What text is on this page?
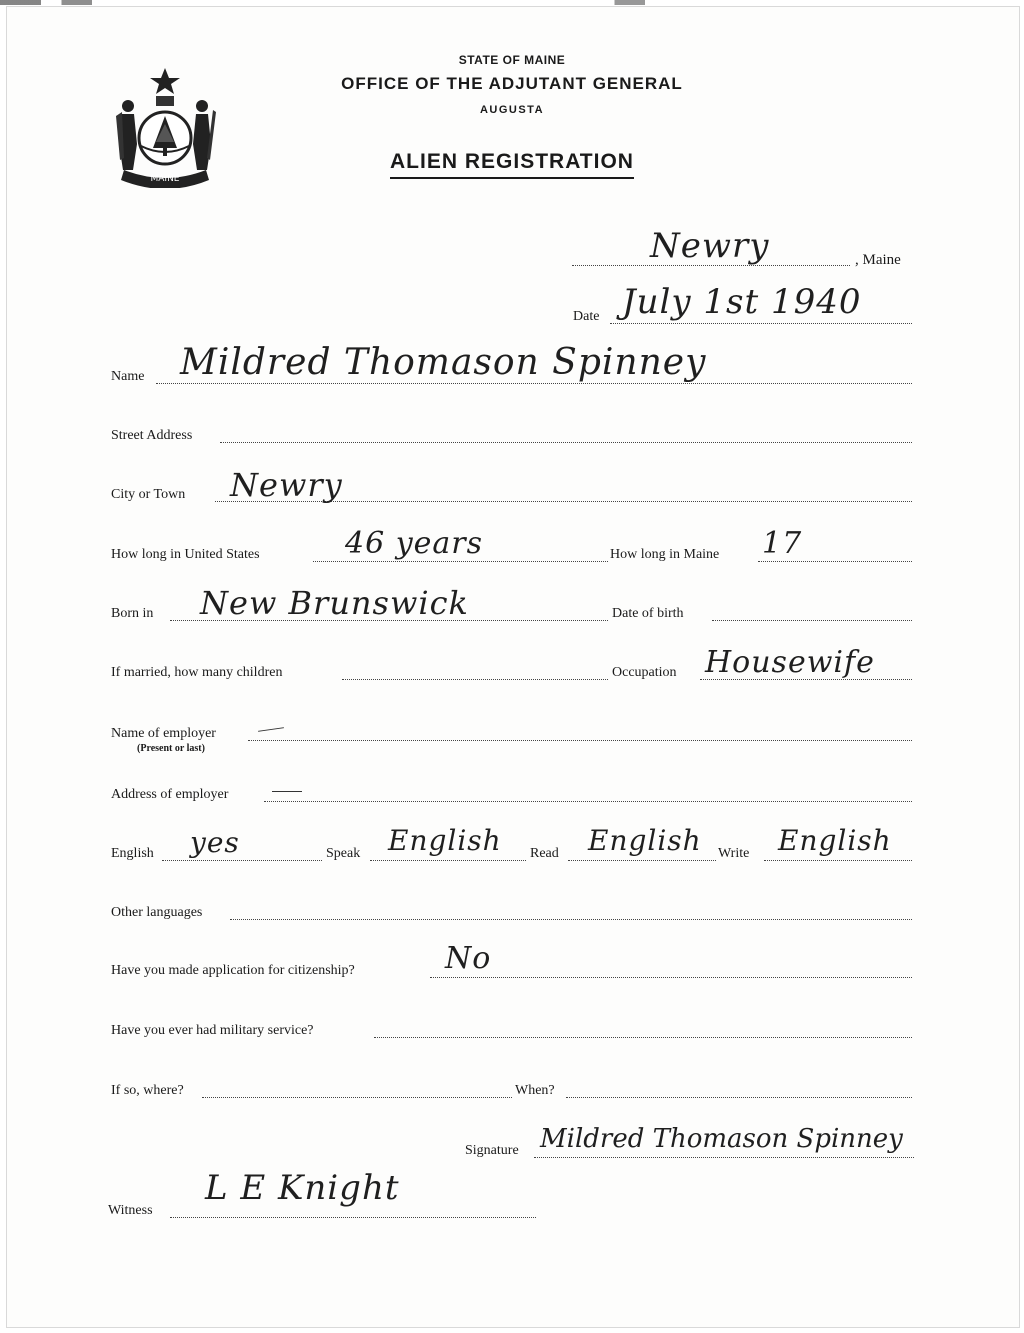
MAINE
STATE OF MAINE
OFFICE OF THE ADJUTANT GENERAL
AUGUSTA
ALIEN REGISTRATION
Newry	, Maine
Date July 1st 1940
Name Mildred Thomason Spinney
Street Address
City or Town Newry
How long in United States	46 years	How long in Maine 17
Born in New Brunswick	Date of birth
If married, how many children	Occupation Housewife
Name of employer
(Present or last)
Address of employer
English yes	Speak English Read English Write English
Other languages
Have you made application for citizenship?	No
Have you ever had military service?
If so, where?	When?
Signature Mildred Thomason Spinney
Witness
L E Knight
